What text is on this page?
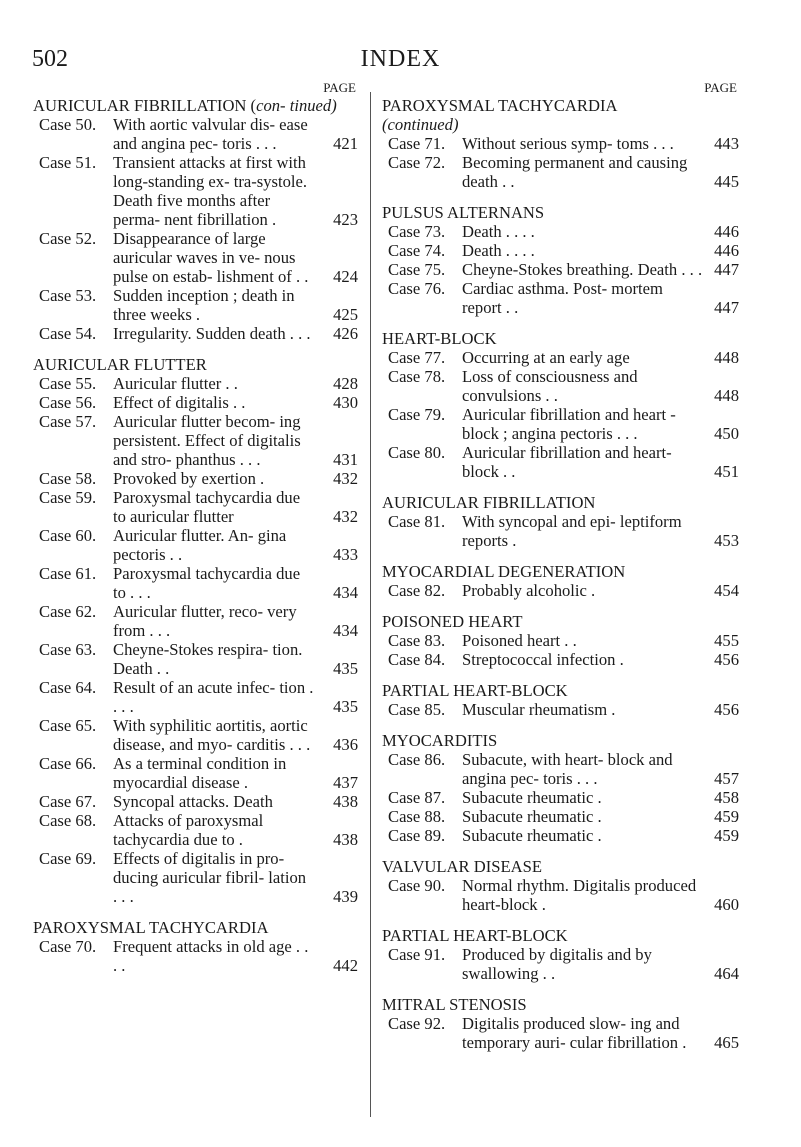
502	INDEX
PAGE
AURICULAR FIBRILLATION (con- tinued)
Case 50.	With aortic valvular dis- ease and angina pec- toris . . .	421
Case 51.	Transient attacks at first with long-standing ex- tra-systole. Death five months after perma- nent fibrillation .	423
Case 52.	Disappearance of large auricular waves in ve- nous pulse on estab- lishment of . .	424
Case 53.	Sudden inception ; death in three weeks .	425
Case 54.	Irregularity. Sudden death . . .	426
AURICULAR FLUTTER
Case 55.	Auricular flutter . .	428
Case 56.	Effect of digitalis . .	430
Case 57.	Auricular flutter becom- ing persistent. Effect of digitalis and stro- phanthus . . .	431
Case 58.	Provoked by exertion .	432
Case 59.	Paroxysmal tachycardia due to auricular flutter	432
Case 60.	Auricular flutter. An- gina pectoris . .	433
Case 61.	Paroxysmal tachycardia due to . . .	434
Case 62.	Auricular flutter, reco- very from . . .	434
Case 63.	Cheyne-Stokes respira- tion. Death . .	435
Case 64.	Result of an acute infec- tion . . . .	435
Case 65.	With syphilitic aortitis, aortic disease, and myo- carditis . . .	436
Case 66.	As a terminal condition in myocardial disease .	437
Case 67.	Syncopal attacks. Death	438
Case 68.	Attacks of paroxysmal tachycardia due to .	438
Case 69.	Effects of digitalis in pro- ducing auricular fibril- lation . . .	439
PAROXYSMAL TACHYCARDIA
Case 70.	Frequent attacks in old age . . . .	442
PAGE
PAROXYSMAL TACHYCARDIA
(continued)
Case 71.	Without serious symp- toms . . .	443
Case 72.	Becoming permanent and causing death . .	445
PULSUS ALTERNANS
Case 73.	Death . . . .	446
Case 74.	Death . . . .	446
Case 75.	Cheyne-Stokes breathing. Death . . . 447
Case 76.	Cardiac asthma. Post- mortem report . .	447
HEART-BLOCK
Case 77.	Occurring at an early age	448
Case 78.	Loss of consciousness and convulsions . .	448
Case 79.	Auricular fibrillation and heart - block ; angina pectoris . . .	450
Case 80.	Auricular fibrillation and heart-block . .	451
AURICULAR FIBRILLATION
Case 81.	With syncopal and epi- leptiform reports .	453
MYOCARDIAL DEGENERATION
Case 82.	Probably alcoholic .	454
POISONED HEART
Case 83.	Poisoned heart . .	455
Case 84.	Streptococcal infection .	456
PARTIAL HEART-BLOCK
Case 85.	Muscular rheumatism .	456
MYOCARDITIS
Case 86.	Subacute, with heart- block and angina pec- toris . . .	457
Case 87.	Subacute rheumatic .	458
Case 88.	Subacute rheumatic .	459
Case 89.	Subacute rheumatic .	459
VALVULAR DISEASE
Case 90.	Normal rhythm. Digitalis produced heart-block .	460
PARTIAL HEART-BLOCK
Case 91.	Produced by digitalis and by swallowing . .	464
MITRAL STENOSIS
Case 92.	Digitalis produced slow- ing and temporary auri- cular fibrillation .	465
